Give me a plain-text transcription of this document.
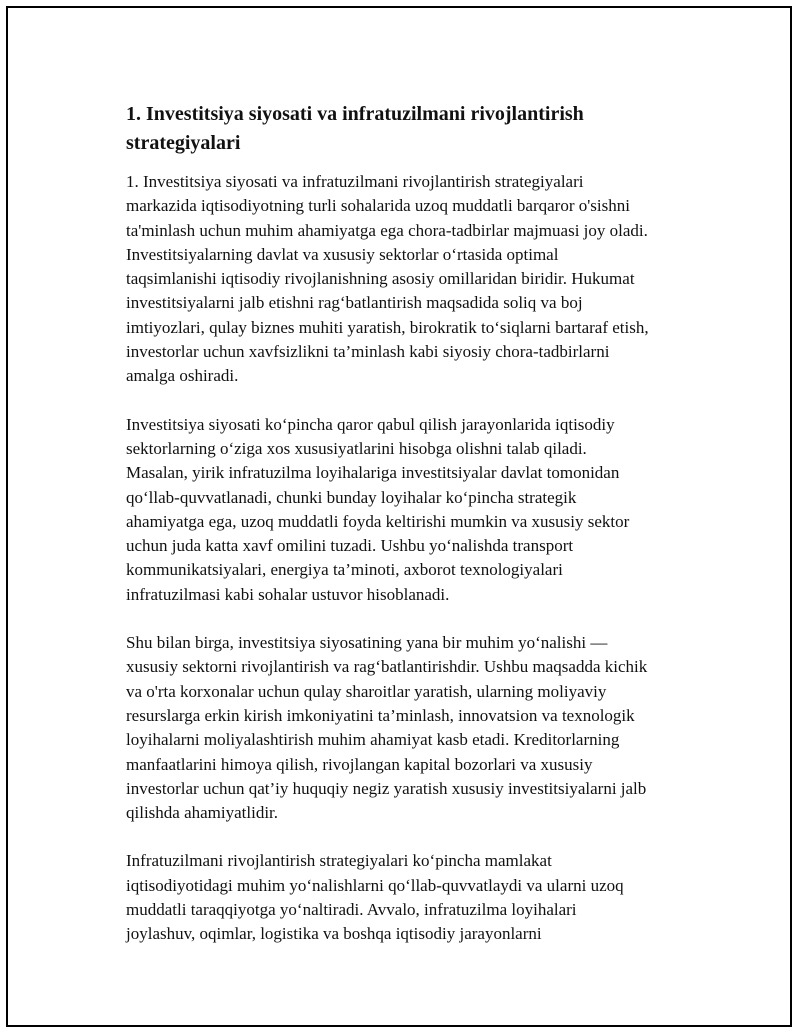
1. Investitsiya siyosati va infratuzilmani rivojlantirish
strategiyalari

1. Investitsiya siyosati va infratuzilmani rivojlantirish strategiyalari
markazida iqtisodiyotning turli sohalarida uzoq muddatli barqaror o'sishni
ta'minlash uchun muhim ahamiyatga ega chora-tadbirlar majmuasi joy oladi.
Investitsiyalarning davlat va xususiy sektorlar o‘rtasida optimal
taqsimlanishi iqtisodiy rivojlanishning asosiy omillaridan biridir. Hukumat
investitsiyalarni jalb etishni rag‘batlantirish maqsadida soliq va boj
imtiyozlari, qulay biznes muhiti yaratish, birokratik to‘siqlarni bartaraf etish,
investorlar uchun xavfsizlikni ta’minlash kabi siyosiy chora-tadbirlarni
amalga oshiradi.

Investitsiya siyosati ko‘pincha qaror qabul qilish jarayonlarida iqtisodiy
sektorlarning o‘ziga xos xususiyatlarini hisobga olishni talab qiladi.
Masalan, yirik infratuzilma loyihalariga investitsiyalar davlat tomonidan
qo‘llab-quvvatlanadi, chunki bunday loyihalar ko‘pincha strategik
ahamiyatga ega, uzoq muddatli foyda keltirishi mumkin va xususiy sektor
uchun juda katta xavf omilini tuzadi. Ushbu yo‘nalishda transport
kommunikatsiyalari, energiya ta’minoti, axborot texnologiyalari
infratuzilmasi kabi sohalar ustuvor hisoblanadi.

Shu bilan birga, investitsiya siyosatining yana bir muhim yo‘nalishi —
xususiy sektorni rivojlantirish va rag‘batlantirishdir. Ushbu maqsadda kichik
va o'rta korxonalar uchun qulay sharoitlar yaratish, ularning moliyaviy
resurslarga erkin kirish imkoniyatini ta’minlash, innovatsion va texnologik
loyihalarni moliyalashtirish muhim ahamiyat kasb etadi. Kreditorlarning
manfaatlarini himoya qilish, rivojlangan kapital bozorlari va xususiy
investorlar uchun qat’iy huquqiy negiz yaratish xususiy investitsiyalarni jalb
qilishda ahamiyatlidir.

Infratuzilmani rivojlantirish strategiyalari ko‘pincha mamlakat
iqtisodiyotidagi muhim yo‘nalishlarni qo‘llab-quvvatlaydi va ularni uzoq
muddatli taraqqiyotga yo‘naltiradi. Avvalo, infratuzilma loyihalari
joylashuv, oqimlar, logistika va boshqa iqtisodiy jarayonlarni
